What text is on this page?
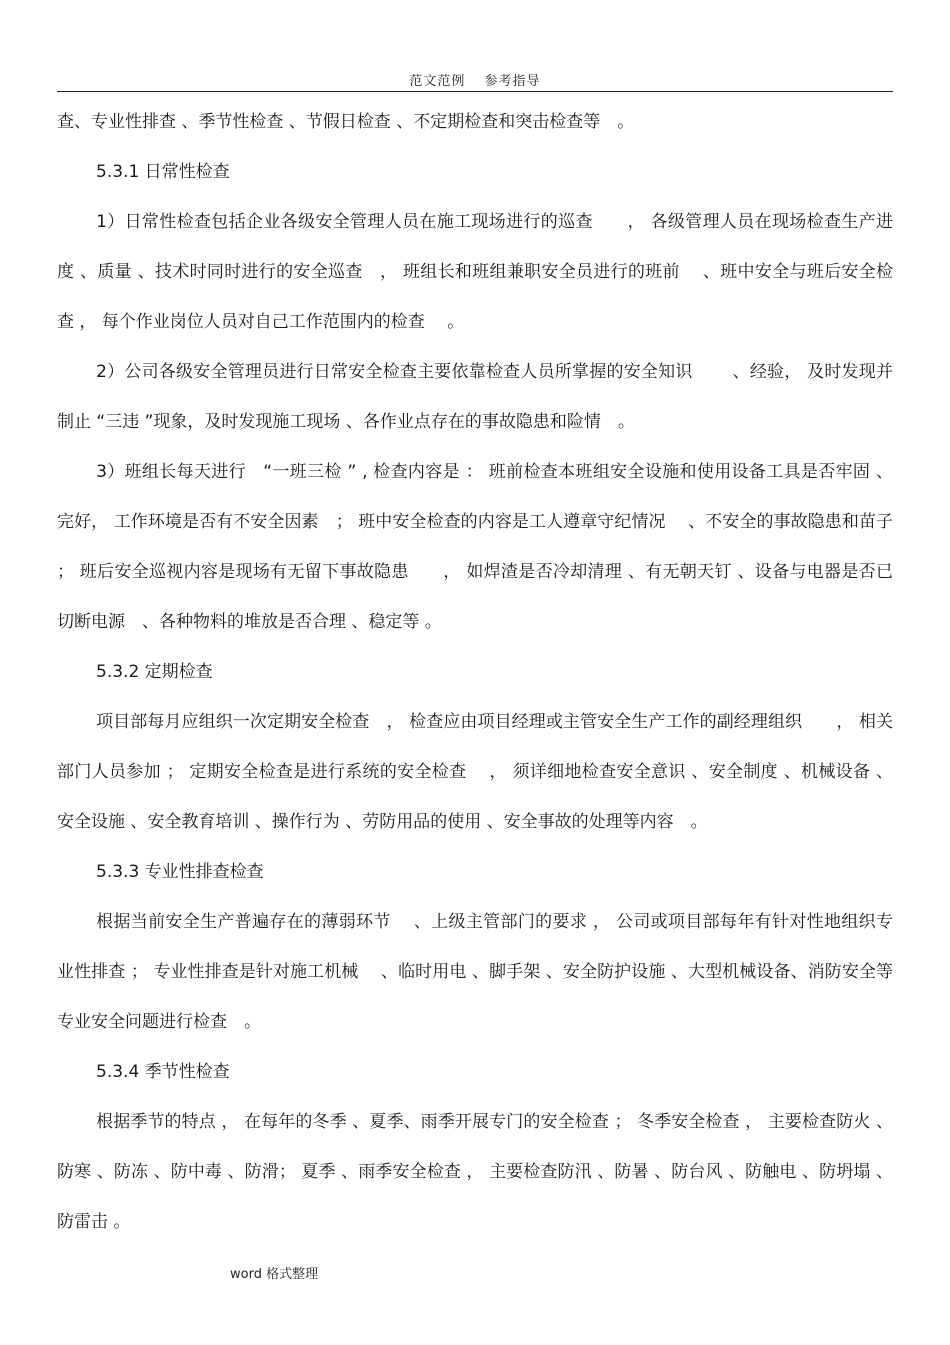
范文范例　 参考指导

查、专业性排查 、季节性检查 、节假日检查 、不定期检查和突击检查等　。

5.3.1 日常性检查

1）日常性检查包括企业各级安全管理人员在施工现场进行的巡查　　， 各级管理人员在现场检查生产进度 、质量 、技术时同时进行的安全巡查　， 班组长和班组兼职安全员进行的班前　 、班中安全与班后安全检查 ， 每个作业岗位人员对自己工作范围内的检查　 。

2）公司各级安全管理员进行日常安全检查主要依靠检查人员所掌握的安全知识　　 、经验， 及时发现并制止 “三违 ”现象，及时发现施工现场 、各作业点存在的事故隐患和险情　。

3）班组长每天进行　“一班三检 ” , 检查内容是 ： 班前检查本班组安全设施和使用设备工具是否牢固 、完好， 工作环境是否有不安全因素　； 班中安全检查的内容是工人遵章守纪情况　 、不安全的事故隐患和苗子 ； 班后安全巡视内容是现场有无留下事故隐患　　， 如焊渣是否冷却清理 、有无朝天钉 、设备与电器是否已切断电源　、各种物料的堆放是否合理 、稳定等 。

5.3.2 定期检查

项目部每月应组织一次定期安全检查　， 检查应由项目经理或主管安全生产工作的副经理组织　　， 相关部门人员参加 ； 定期安全检查是进行系统的安全检查　 ， 须详细地检查安全意识 、安全制度 、机械设备 、安全设施 、安全教育培训 、操作行为 、劳防用品的使用 、安全事故的处理等内容　。

5.3.3 专业性排查检查

根据当前安全生产普遍存在的薄弱环节　 、上级主管部门的要求 ， 公司或项目部每年有针对性地组织专业性排查 ； 专业性排查是针对施工机械　 、临时用电 、脚手架 、安全防护设施 、大型机械设备、消防安全等专业安全问题进行检查　。

5.3.4 季节性检查

根据季节的特点 ， 在每年的冬季 、夏季、雨季开展专门的安全检查 ； 冬季安全检查 ， 主要检查防火 、防寒 、防冻 、防中毒 、防滑； 夏季 、雨季安全检查 ， 主要检查防汛 、防暑 、防台风 、防触电 、防坍塌 、防雷击 。

word 格式整理
